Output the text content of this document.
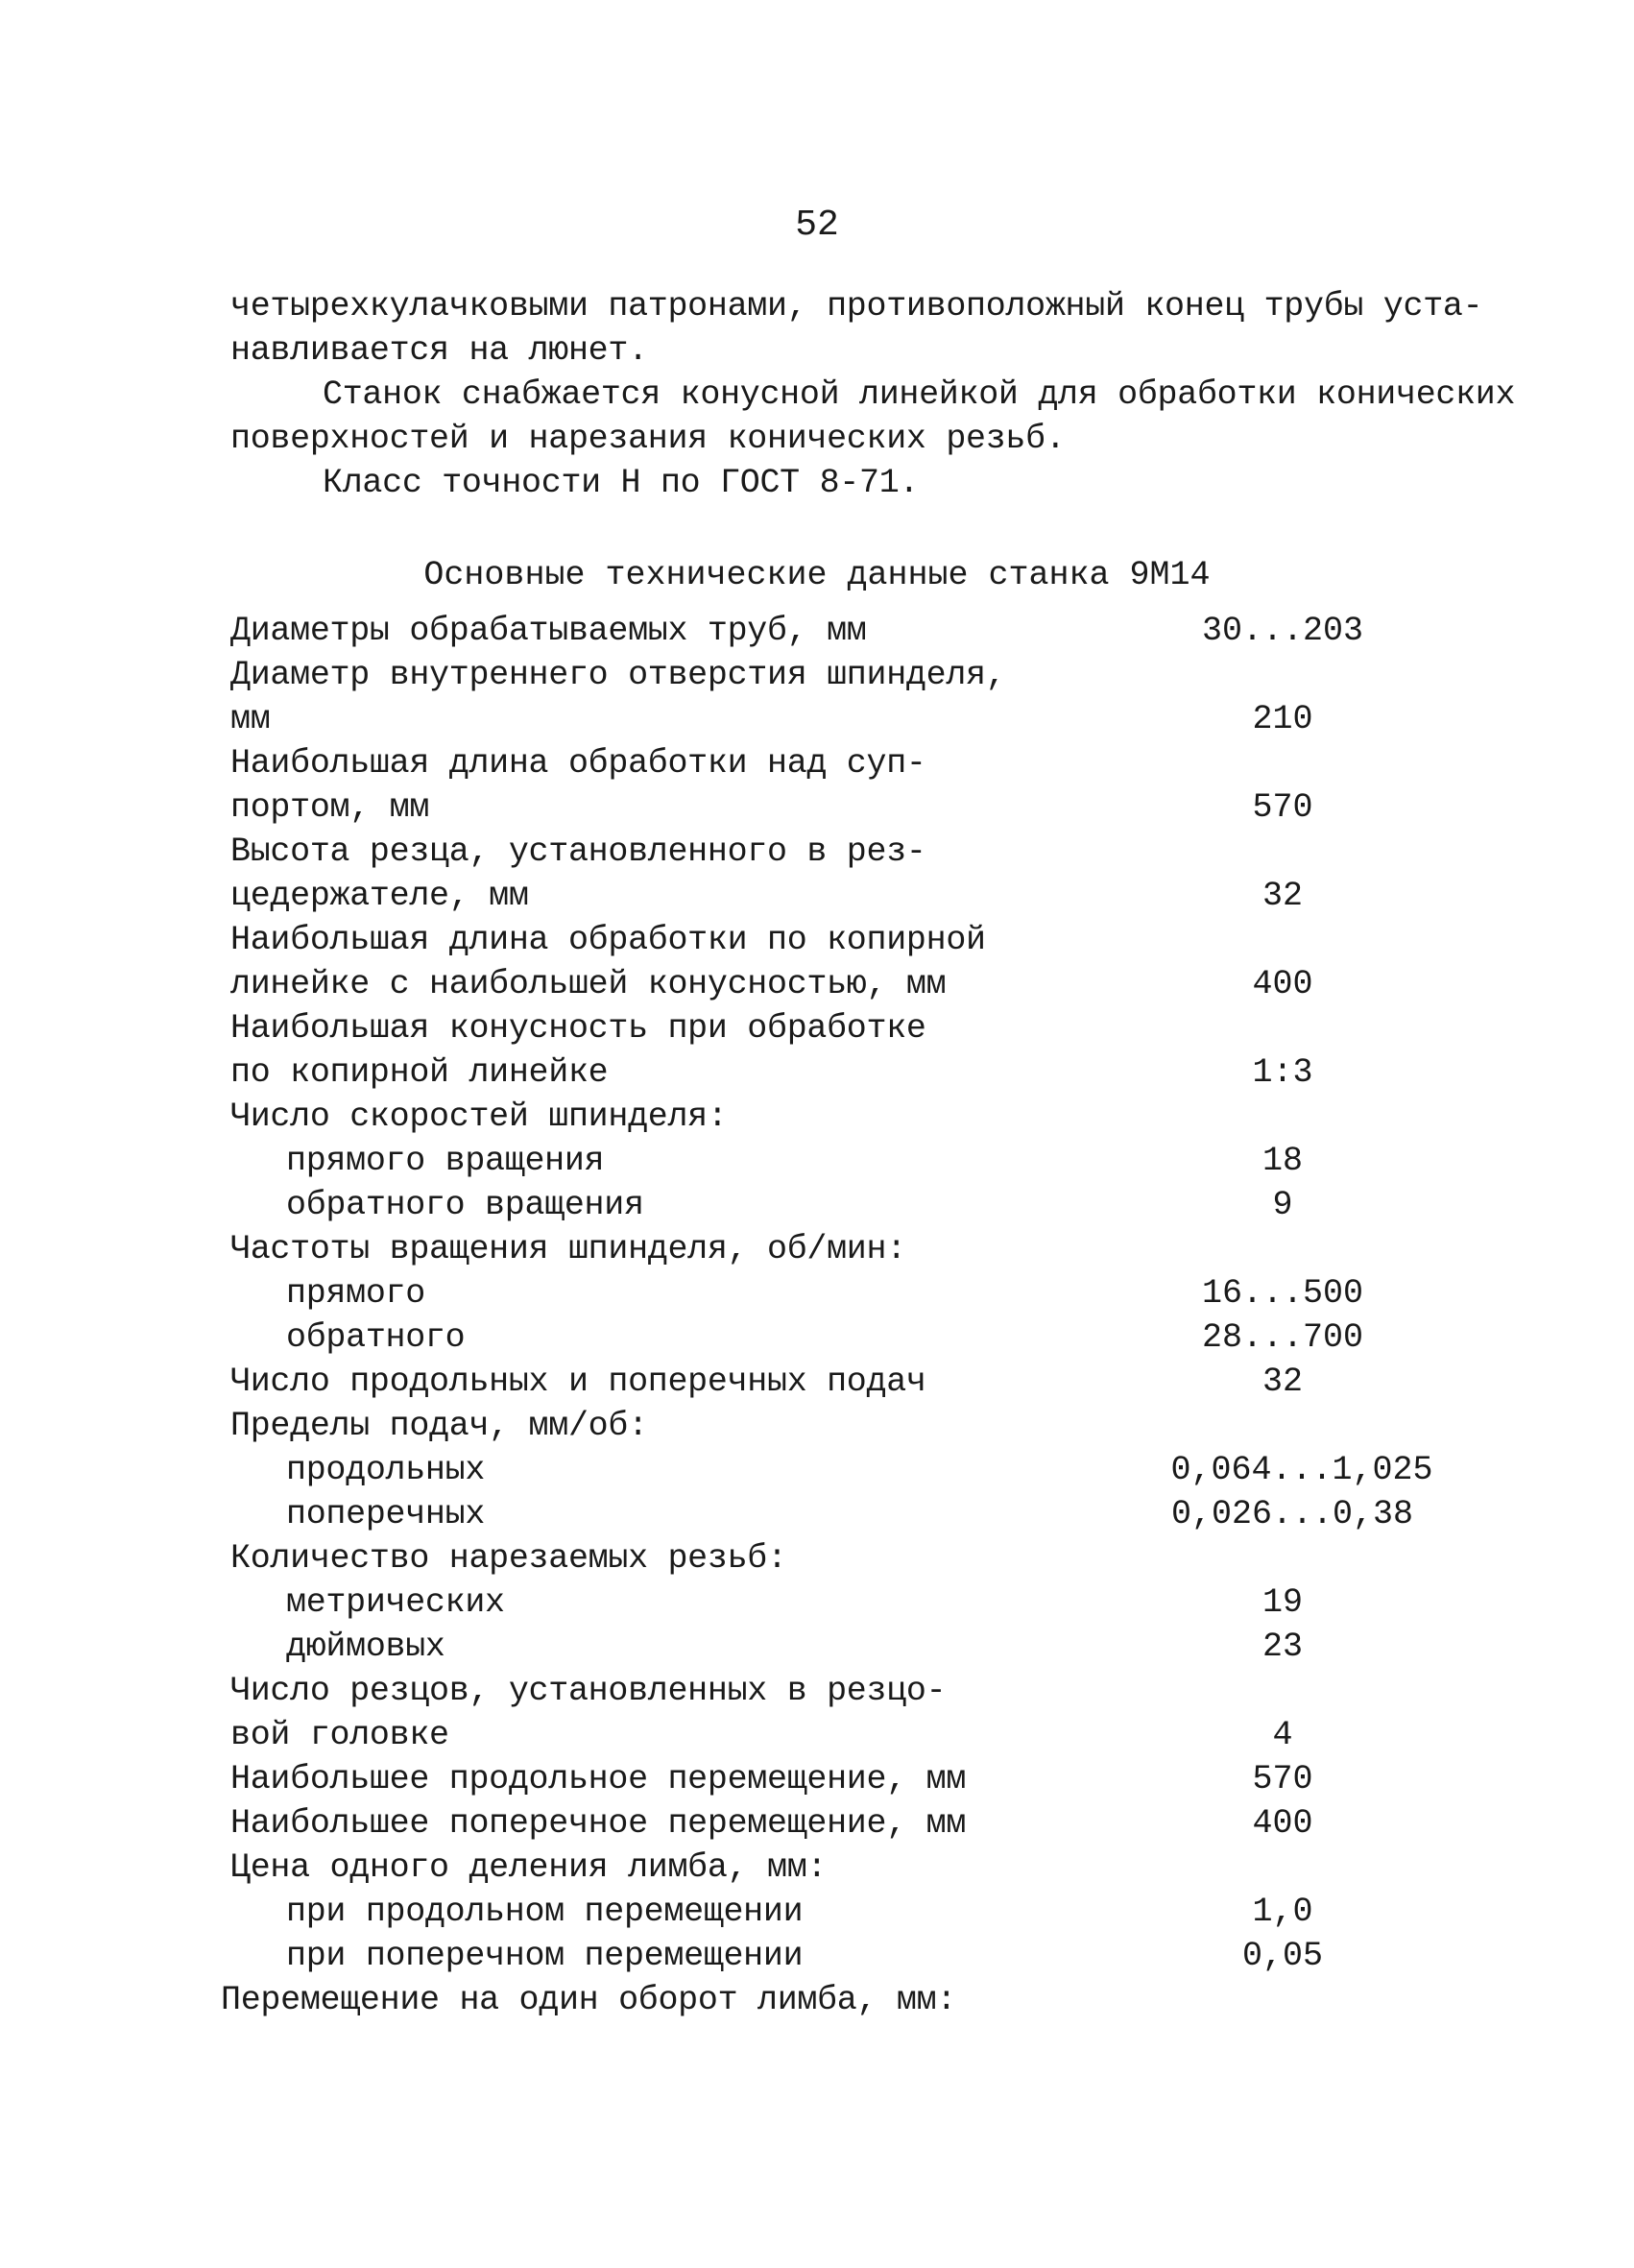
52
четырехкулачковыми патронами, противоположный конец трубы уста-
навливается на люнет.
Станок снабжается конусной линейкой для обработки конических
поверхностей и нарезания конических резьб.
Класс точности Н по ГОСТ 8-71.
Основные технические данные станка 9М14
Диаметры обрабатываемых труб, мм	30...203
Диаметр внутреннего отверстия шпинделя,
мм	210
Наибольшая длина обработки над суп-
портом, мм	570
Высота резца, установленного в рез-
цедержателе, мм	32
Наибольшая длина обработки по копирной
линейке с наибольшей конусностью, мм	400
Наибольшая конусность при обработке
по копирной линейке	1:3
Число скоростей шпинделя:
прямого вращения	18
обратного вращения	9
Частоты вращения шпинделя, об/мин:
прямого	16...500
обратного	28...700
Число продольных и поперечных подач	32
Пределы подач, мм/об:
продольных	0,064...1,025
поперечных	0,026...0,38
Количество нарезаемых резьб:
метрических	19
дюймовых	23
Число резцов, установленных в резцо-
вой головке	4
Наибольшее продольное перемещение, мм	570
Наибольшее поперечное перемещение, мм	400
Цена одного деления лимба, мм:
при продольном перемещении	1,0
при поперечном перемещении	0,05
Перемещение на один оборот лимба, мм:
